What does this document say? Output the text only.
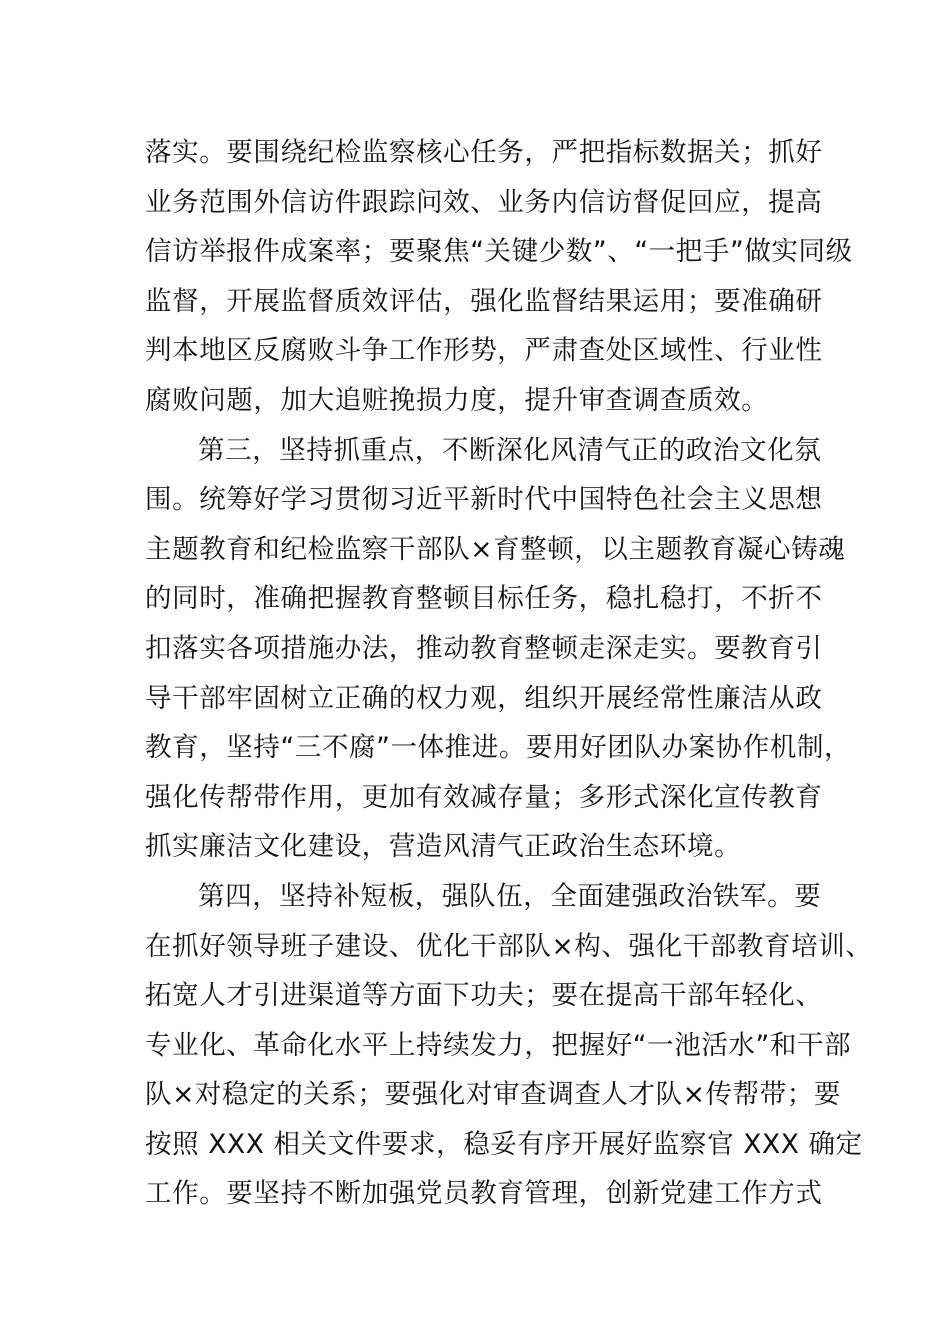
落实。要围绕纪检监察核心任务，严把指标数据关；抓好
业务范围外信访件跟踪问效、业务内信访督促回应，提高
信访举报件成案率；要聚焦“关键少数”、“一把手”做实同级
监督，开展监督质效评估，强化监督结果运用；要准确研
判本地区反腐败斗争工作形势，严肃查处区域性、行业性
腐败问题，加大追赃挽损力度，提升审查调查质效。
第三，坚持抓重点，不断深化风清气正的政治文化氛
围。统筹好学习贯彻习近平新时代中国特色社会主义思想
主题教育和纪检监察干部队×育整顿，以主题教育凝心铸魂
的同时，准确把握教育整顿目标任务，稳扎稳打，不折不
扣落实各项措施办法，推动教育整顿走深走实。要教育引
导干部牢固树立正确的权力观，组织开展经常性廉洁从政
教育，坚持“三不腐”一体推进。要用好团队办案协作机制，
强化传帮带作用，更加有效减存量；多形式深化宣传教育
抓实廉洁文化建设，营造风清气正政治生态环境。
第四，坚持补短板，强队伍，全面建强政治铁军。要
在抓好领导班子建设、优化干部队×构、强化干部教育培训、
拓宽人才引进渠道等方面下功夫；要在提高干部年轻化、
专业化、革命化水平上持续发力，把握好“一池活水”和干部
队×对稳定的关系；要强化对审查调查人才队×传帮带；要
按照 XXX 相关文件要求，稳妥有序开展好监察官 XXX 确定
工作。要坚持不断加强党员教育管理，创新党建工作方式
